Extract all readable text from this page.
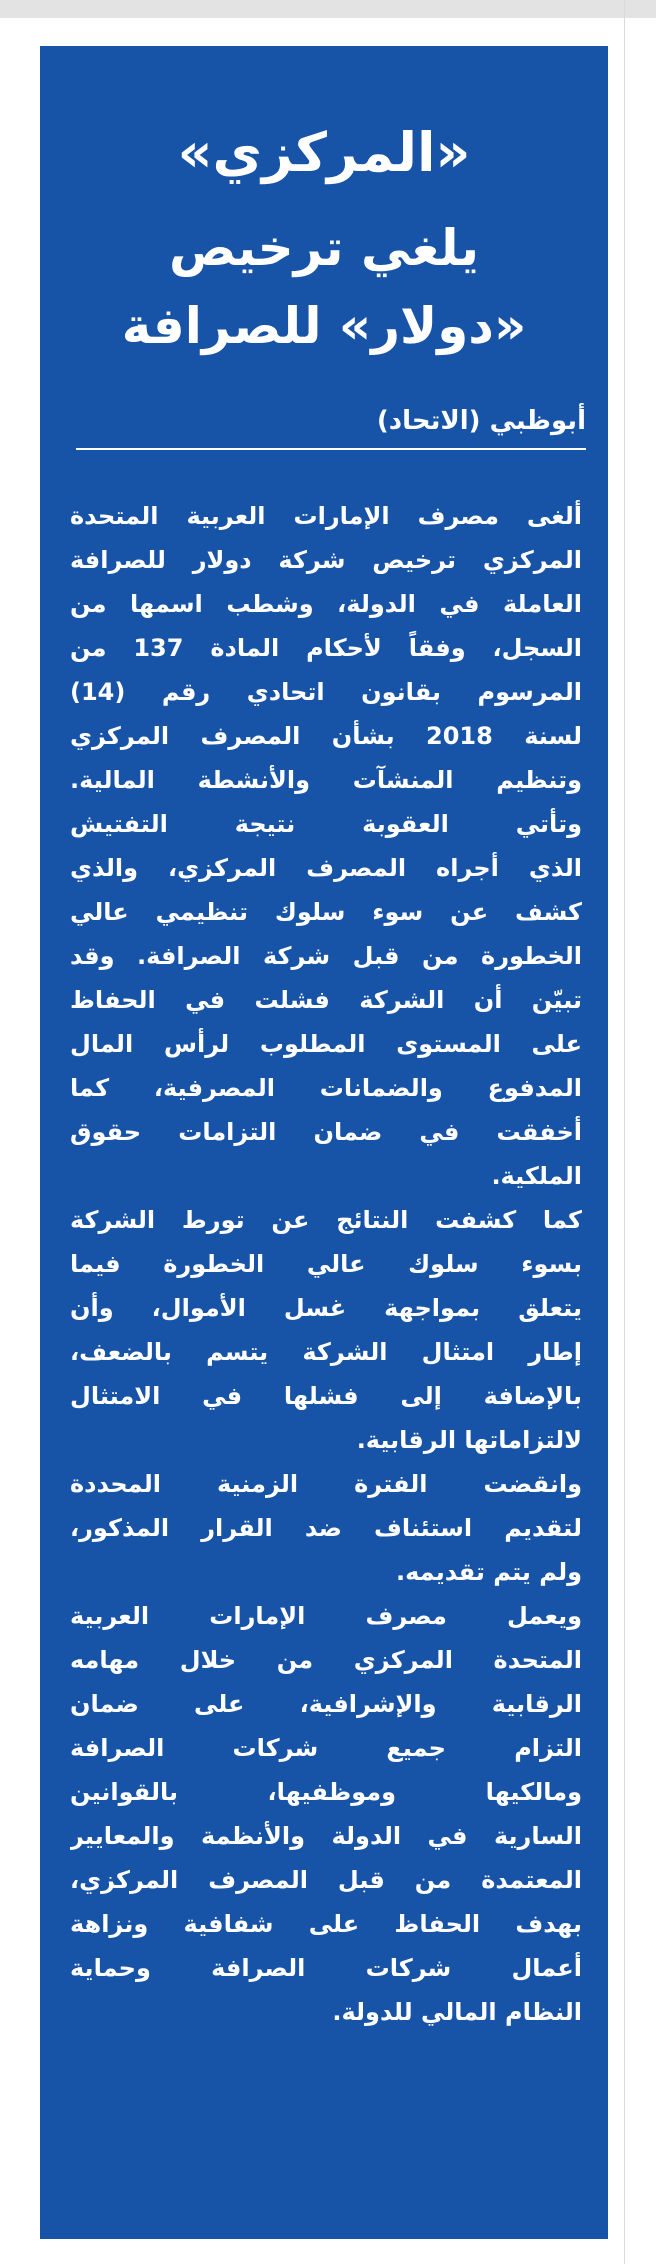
«المركزي»
يلغي ترخيص
«دولار» للصرافة
أبوظبي (الاتحاد)
ألغى مصرف الإمارات العربية المتحدة
المركزي ترخيص شركة دولار للصرافة
العاملة في الدولة، وشطب اسمها من
السجل، وفقاً لأحكام المادة 137 من
المرسوم بقانون اتحادي رقم (14)
لسنة 2018 بشأن المصرف المركزي
وتنظيم المنشآت والأنشطة المالية.
وتأتي العقوبة نتيجة التفتيش
الذي أجراه المصرف المركزي، والذي
كشف عن سوء سلوك تنظيمي عالي
الخطورة من قبل شركة الصرافة. وقد
تبيّن أن الشركة فشلت في الحفاظ
على المستوى المطلوب لرأس المال
المدفوع والضمانات المصرفية، كما
أخفقت في ضمان التزامات حقوق
الملكية.
كما كشفت النتائج عن تورط الشركة
بسوء سلوك عالي الخطورة فيما
يتعلق بمواجهة غسل الأموال، وأن
إطار امتثال الشركة يتسم بالضعف،
بالإضافة إلى فشلها في الامتثال
لالتزاماتها الرقابية.
وانقضت الفترة الزمنية المحددة
لتقديم استئناف ضد القرار المذكور،
ولم يتم تقديمه.
ويعمل مصرف الإمارات العربية
المتحدة المركزي من خلال مهامه
الرقابية والإشرافية، على ضمان
التزام جميع شركات الصرافة
ومالكيها وموظفيها، بالقوانين
السارية في الدولة والأنظمة والمعايير
المعتمدة من قبل المصرف المركزي،
بهدف الحفاظ على شفافية ونزاهة
أعمال شركات الصرافة وحماية
النظام المالي للدولة.
